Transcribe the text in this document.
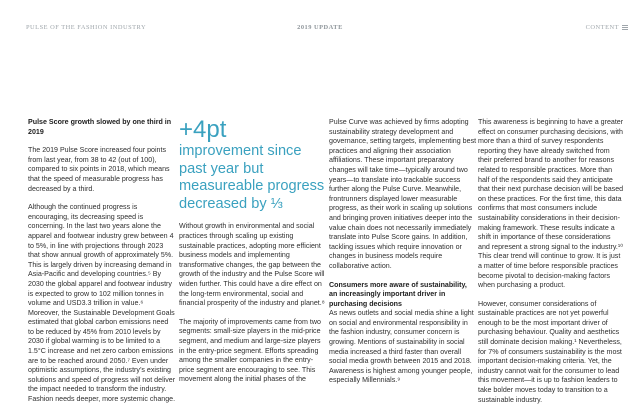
PULSE OF THE FASHION INDUSTRY	2019 UPDATE	CONTENT

Pulse Score growth slowed by one third in 2019

The 2019 Pulse Score increased four points from last year, from 38 to 42 (out of 100), compared to six points in 2018, which means that the speed of measurable progress has decreased by a third.

Although the continued progress is encouraging, its decreasing speed is concerning. In the last two years alone the apparel and footwear industry grew between 4 to 5%, in line with projections through 2023 that show annual growth of approximately 5%. This is largely driven by increasing demand in Asia-Pacific and developing countries.⁵ By 2030 the global apparel and footwear industry is expected to grow to 102 million tonnes in volume and USD3.3 trillion in value.⁶ Moreover, the Sustainable Development Goals estimated that global carbon emissions need to be reduced by 45% from 2010 levels by 2030 if global warming is to be limited to a 1.5°C increase and net zero carbon emissions are to be reached around 2050.⁷ Even under optimistic assumptions, the industry’s existing solutions and speed of progress will not deliver the impact needed to transform the industry. Fashion needs deeper, more systemic change.

+4pt
improvement since past year but measureable progress decreased by ⅓

Without growth in environmental and social practices through scaling up existing sustainable practices, adopting more efficient business models and implementing transformative changes, the gap between the growth of the industry and the Pulse Score will widen further. This could have a dire effect on the long-term environmental, social and financial prosperity of the industry and planet.⁸

The majority of improvements came from two segments: small-size players in the mid-price segment, and medium and large-size players in the entry-price segment. Efforts spreading among the smaller companies in the entry-price segment are encouraging to see. This movement along the initial phases of the

Pulse Curve was achieved by firms adopting sustainability strategy development and governance, setting targets, implementing best practices and aligning their association affiliations. These important preparatory changes will take time—typically around two years—to translate into trackable success further along the Pulse Curve. Meanwhile, frontrunners displayed lower measurable progress, as their work in scaling up solutions and bringing proven initiatives deeper into the value chain does not necessarily immediately translate into Pulse Score gains. In addition, tackling issues which require innovation or changes in business models require collaborative action.

Consumers more aware of sustainability, an increasingly important driver in purchasing decisions

As news outlets and social media shine a light on social and environmental responsibility in the fashion industry, consumer concern is growing. Mentions of sustainability in social media increased a third faster than overall social media growth between 2015 and 2018. Awareness is highest among younger people, especially Millennials.⁹

This awareness is beginning to have a greater effect on consumer purchasing decisions, with more than a third of survey respondents reporting they have already switched from their preferred brand to another for reasons related to responsible practices. More than half of the respondents said they anticipate that their next purchase decision will be based on these practices. For the first time, this data confirms that most consumers include sustainability considerations in their decision-making framework. These results indicate a shift in importance of these considerations and represent a strong signal to the industry.¹⁰ This clear trend will continue to grow. It is just a matter of time before responsible practices become pivotal to decision-making factors when purchasing a product.

However, consumer considerations of sustainable practices are not yet powerful enough to be the most important driver of purchasing behaviour. Quality and aesthetics still dominate decision making.¹ Nevertheless, for 7% of consumers sustainability is the most important decision-making criteria. Yet, the industry cannot wait for the consumer to lead this movement—it is up to fashion leaders to take bolder moves today to transition to a sustainable industry.
